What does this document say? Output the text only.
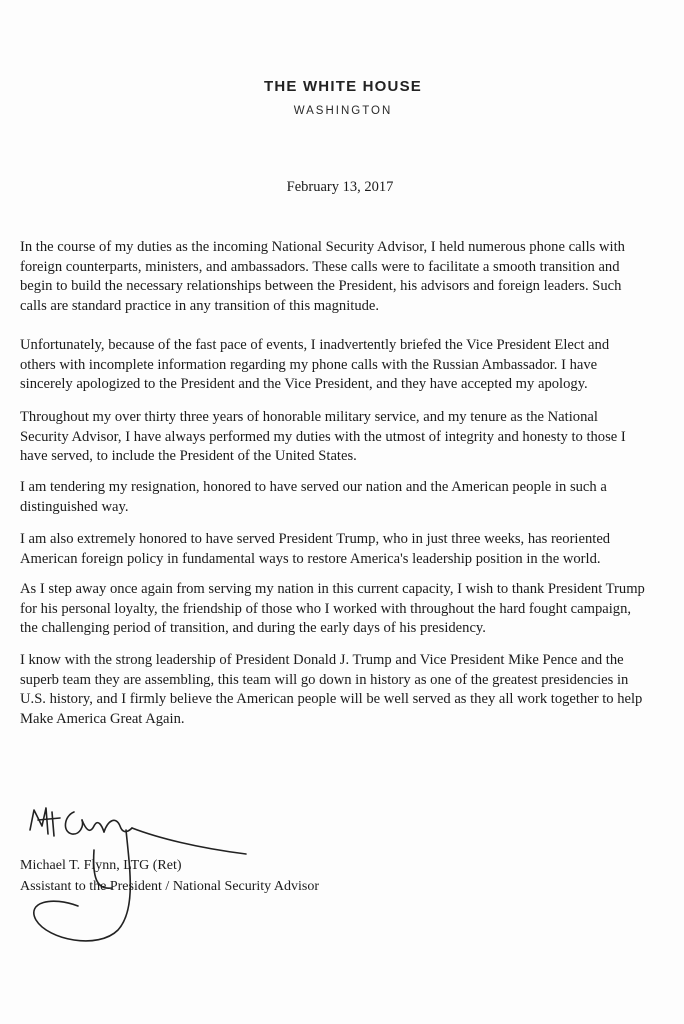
THE WHITE HOUSE
WASHINGTON
February 13, 2017

In the course of my duties as the incoming National Security Advisor, I held numerous phone calls with foreign counterparts, ministers, and ambassadors. These calls were to facilitate a smooth transition and begin to build the necessary relationships between the President, his advisors and foreign leaders. Such calls are standard practice in any transition of this magnitude.

Unfortunately, because of the fast pace of events, I inadvertently briefed the Vice President Elect and others with incomplete information regarding my phone calls with the Russian Ambassador. I have sincerely apologized to the President and the Vice President, and they have accepted my apology.

Throughout my over thirty three years of honorable military service, and my tenure as the National Security Advisor, I have always performed my duties with the utmost of integrity and honesty to those I have served, to include the President of the United States.

I am tendering my resignation, honored to have served our nation and the American people in such a distinguished way.

I am also extremely honored to have served President Trump, who in just three weeks, has reoriented American foreign policy in fundamental ways to restore America's leadership position in the world.

As I step away once again from serving my nation in this current capacity, I wish to thank President Trump for his personal loyalty, the friendship of those who I worked with throughout the hard fought campaign, the challenging period of transition, and during the early days of his presidency.

I know with the strong leadership of President Donald J. Trump and Vice President Mike Pence and the superb team they are assembling, this team will go down in history as one of the greatest presidencies in U.S. history, and I firmly believe the American people will be well served as they all work together to help Make America Great Again.

Michael T. Flynn, LTG (Ret)
Assistant to the President / National Security Advisor
